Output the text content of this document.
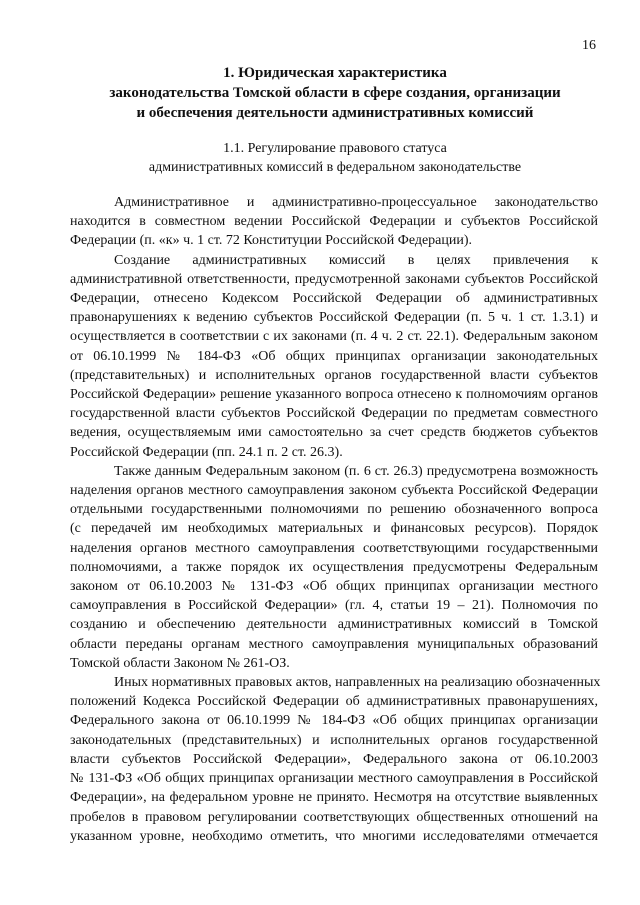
16
1. Юридическая характеристика
законодательства Томской области в сфере создания, организации
и обеспечения деятельности административных комиссий
1.1. Регулирование правового статуса
административных комиссий в федеральном законодательстве
Административное и административно-процессуальное законодательство
находится в совместном ведении Российской Федерации и субъектов Российской
Федерации (п. «к» ч. 1 ст. 72 Конституции Российской Федерации).
Создание административных комиссий в целях привлечения к
административной ответственности, предусмотренной законами субъектов Российской
Федерации, отнесено Кодексом Российской Федерации об административных
правонарушениях к ведению субъектов Российской Федерации (п. 5 ч. 1 ст. 1.3.1) и
осуществляется в соответствии с их законами (п. 4 ч. 2 ст. 22.1). Федеральным законом
от 06.10.1999 № 184-ФЗ «Об общих принципах организации законодательных
(представительных) и исполнительных органов государственной власти субъектов
Российской Федерации» решение указанного вопроса отнесено к полномочиям органов
государственной власти субъектов Российской Федерации по предметам совместного
ведения, осуществляемым ими самостоятельно за счет средств бюджетов субъектов
Российской Федерации (пп. 24.1 п. 2 ст. 26.3).
Также данным Федеральным законом (п. 6 ст. 26.3) предусмотрена возможность
наделения органов местного самоуправления законом субъекта Российской Федерации
отдельными государственными полномочиями по решению обозначенного вопроса
(с передачей им необходимых материальных и финансовых ресурсов). Порядок
наделения органов местного самоуправления соответствующими государственными
полномочиями, а также порядок их осуществления предусмотрены Федеральным
законом от 06.10.2003 № 131-ФЗ «Об общих принципах организации местного
самоуправления в Российской Федерации» (гл. 4, статьи 19 – 21). Полномочия по
созданию и обеспечению деятельности административных комиссий в Томской
области переданы органам местного самоуправления муниципальных образований
Томской области Законом № 261-ОЗ.
Иных нормативных правовых актов, направленных на реализацию обозначенных
положений Кодекса Российской Федерации об административных правонарушениях,
Федерального закона от 06.10.1999 № 184-ФЗ «Об общих принципах организации
законодательных (представительных) и исполнительных органов государственной
власти субъектов Российской Федерации», Федерального закона от 06.10.2003
№ 131-ФЗ «Об общих принципах организации местного самоуправления в Российской
Федерации», на федеральном уровне не принято. Несмотря на отсутствие выявленных
пробелов в правовом регулировании соответствующих общественных отношений на
указанном уровне, необходимо отметить, что многими исследователями отмечается
